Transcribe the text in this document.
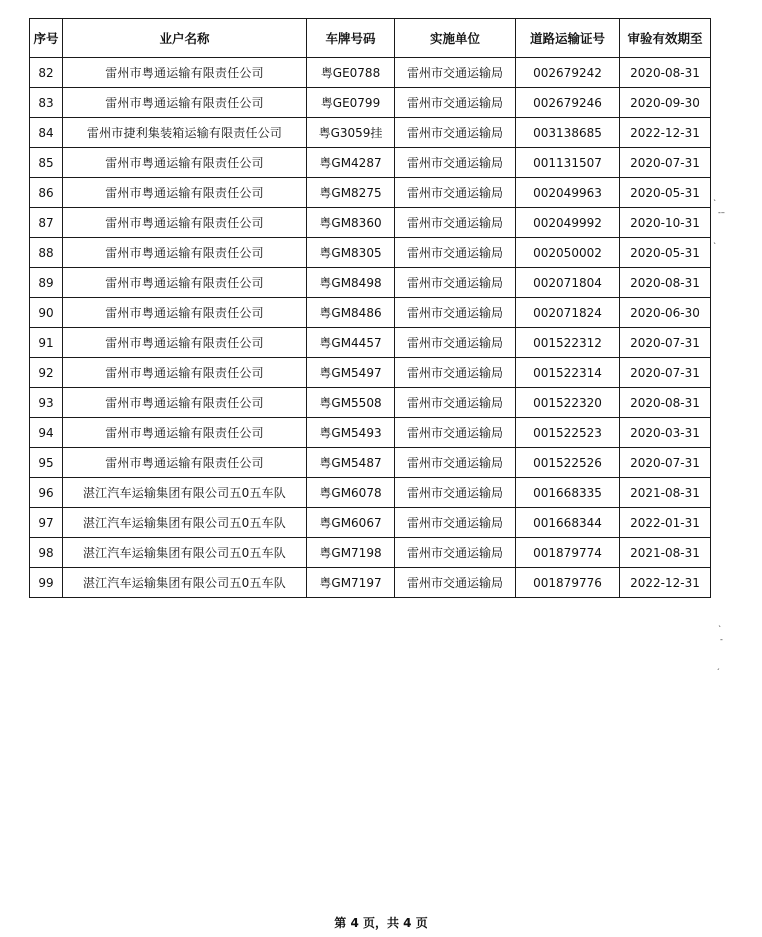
序号	业户名称	车牌号码	实施单位	道路运输证号	审验有效期至
82	雷州市粤通运输有限责任公司	粤GE0788	雷州市交通运输局	002679242	2020-08-31
83	雷州市粤通运输有限责任公司	粤GE0799	雷州市交通运输局	002679246	2020-09-30
84	雷州市捷利集装箱运输有限责任公司	粤G3059挂	雷州市交通运输局	003138685	2022-12-31
85	雷州市粤通运输有限责任公司	粤GM4287	雷州市交通运输局	001131507	2020-07-31
86	雷州市粤通运输有限责任公司	粤GM8275	雷州市交通运输局	002049963	2020-05-31
87	雷州市粤通运输有限责任公司	粤GM8360	雷州市交通运输局	002049992	2020-10-31
88	雷州市粤通运输有限责任公司	粤GM8305	雷州市交通运输局	002050002	2020-05-31
89	雷州市粤通运输有限责任公司	粤GM8498	雷州市交通运输局	002071804	2020-08-31
90	雷州市粤通运输有限责任公司	粤GM8486	雷州市交通运输局	002071824	2020-06-30
91	雷州市粤通运输有限责任公司	粤GM4457	雷州市交通运输局	001522312	2020-07-31
92	雷州市粤通运输有限责任公司	粤GM5497	雷州市交通运输局	001522314	2020-07-31
93	雷州市粤通运输有限责任公司	粤GM5508	雷州市交通运输局	001522320	2020-08-31
94	雷州市粤通运输有限责任公司	粤GM5493	雷州市交通运输局	001522523	2020-03-31
95	雷州市粤通运输有限责任公司	粤GM5487	雷州市交通运输局	001522526	2020-07-31
96	湛江汽车运输集团有限公司五0五车队	粤GM6078	雷州市交通运输局	001668335	2021-08-31
97	湛江汽车运输集团有限公司五0五车队	粤GM6067	雷州市交通运输局	001668344	2022-01-31
98	湛江汽车运输集团有限公司五0五车队	粤GM7198	雷州市交通运输局	001879774	2021-08-31
99	湛江汽车运输集团有限公司五0五车队	粤GM7197	雷州市交通运输局	001879776	2022-12-31
第 4 页，共 4 页
ˋ
-–
ˎ
ˋ
-
ˏ
